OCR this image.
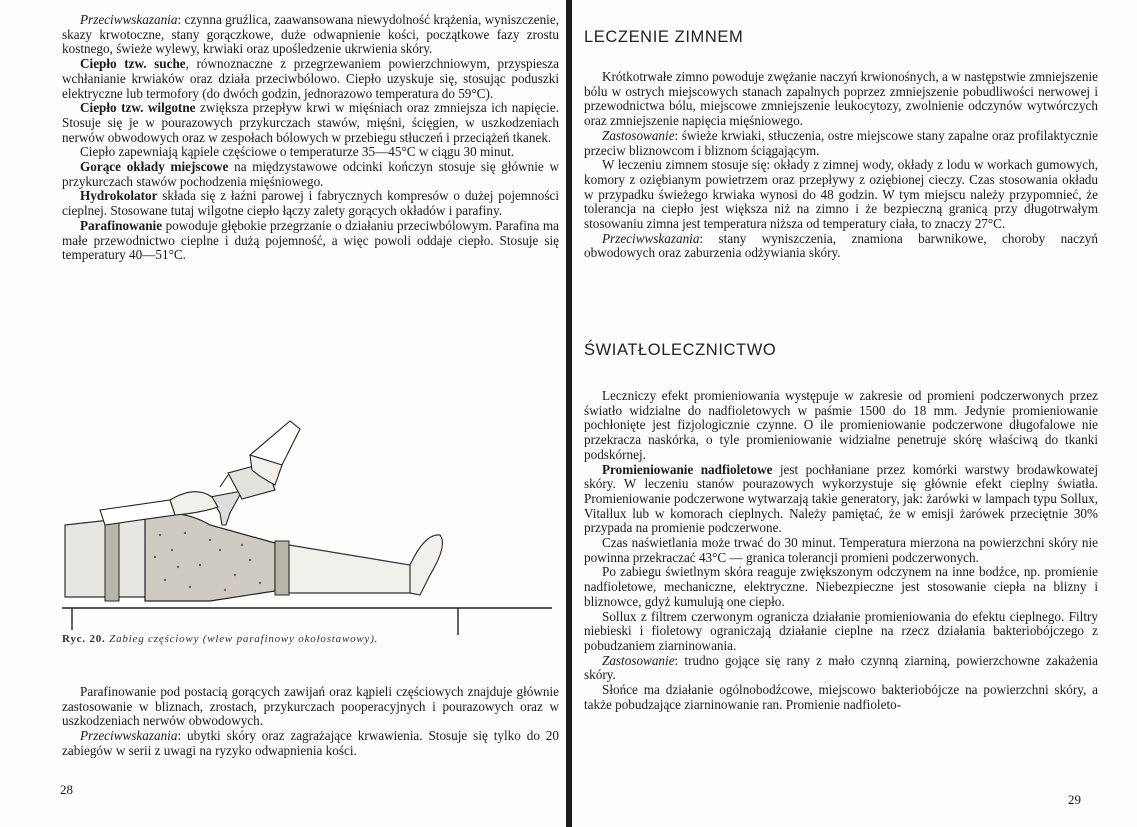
Przeciwwskazania: czynna gruźlica, zaawansowana niewydolność krążenia, wyniszczenie, skazy krwotoczne, stany gorączkowe, duże odwapnienie kości, początkowe fazy zrostu kostnego, świeże wylewy, krwiaki oraz upośledzenie ukrwienia skóry.

Ciepło tzw. suche, równoznaczne z przegrzewaniem powierzchniowym, przyspiesza wchłanianie krwiaków oraz działa przeciwbólowo. Ciepło uzyskuje się, stosując poduszki elektryczne lub termofory (do dwóch godzin, jednorazowo temperatura do 59°C).

Ciepło tzw. wilgotne zwiększa przepływ krwi w mięśniach oraz zmniejsza ich napięcie. Stosuje się je w pourazowych przykurczach stawów, mięśni, ścięgien, w uszkodzeniach nerwów obwodowych oraz w zespołach bólowych w przebiegu stłuczeń i przeciążeń tkanek.

Ciepło zapewniają kąpiele częściowe o temperaturze 35—45°C w ciągu 30 minut.

Gorące okłady miejscowe na międzystawowe odcinki kończyn stosuje się głównie w przykurczach stawów pochodzenia mięśniowego.

Hydrokolator składa się z łaźni parowej i fabrycznych kompresów o dużej pojemności cieplnej. Stosowane tutaj wilgotne ciepło łączy zalety gorących okładów i parafiny.

Parafinowanie powoduje głębokie przegrzanie o działaniu przeciwbólowym. Parafina ma małe przewodnictwo cieplne i dużą pojemność, a więc powoli oddaje ciepło. Stosuje się temperatury 40—51°C.

Ryc. 20. Zabieg częściowy (wlew parafinowy okołostawowy).

Parafinowanie pod postacią gorących zawijań oraz kąpieli częściowych znajduje głównie zastosowanie w bliznach, zrostach, przykurczach pooperacyjnych i pourazowych oraz w uszkodzeniach nerwów obwodowych.

Przeciwwskazania: ubytki skóry oraz zagrażające krwawienia. Stosuje się tylko do 20 zabiegów w serii z uwagi na ryzyko odwapnienia kości.

28
LECZENIE ZIMNEM

Krótkotrwałe zimno powoduje zwężanie naczyń krwionośnych, a w następstwie zmniejszenie bólu w ostrych miejscowych stanach zapalnych poprzez zmniejszenie pobudliwości nerwowej i przewodnictwa bólu, miejscowe zmniejszenie leukocytozy, zwolnienie odczynów wytwórczych oraz zmniejszenie napięcia mięśniowego.

Zastosowanie: świeże krwiaki, stłuczenia, ostre miejscowe stany zapalne oraz profilaktycznie przeciw bliznowcom i bliznom ściągającym.

W leczeniu zimnem stosuje się: okłady z zimnej wody, okłady z lodu w workach gumowych, komory z oziębianym powietrzem oraz przepływy z oziębionej cieczy. Czas stosowania okładu w przypadku świeżego krwiaka wynosi do 48 godzin. W tym miejscu należy przypomnieć, że tolerancja na ciepło jest większa niż na zimno i że bezpieczną granicą przy długotrwałym stosowaniu zimna jest temperatura niższa od temperatury ciała, to znaczy 27°C.

Przeciwwskazania: stany wyniszczenia, znamiona barwnikowe, choroby naczyń obwodowych oraz zaburzenia odżywiania skóry.

ŚWIATŁOLECZNICTWO

Leczniczy efekt promieniowania występuje w zakresie od promieni podczerwonych przez światło widzialne do nadfioletowych w paśmie 1500 do 18 mm. Jedynie promieniowanie pochłonięte jest fizjologicznie czynne. O ile promieniowanie podczerwone długofalowe nie przekracza naskórka, o tyle promieniowanie widzialne penetruje skórę właściwą do tkanki podskórnej.

Promieniowanie nadfioletowe jest pochłaniane przez komórki warstwy brodawkowatej skóry. W leczeniu stanów pourazowych wykorzystuje się głównie efekt cieplny światła. Promieniowanie podczerwone wytwarzają takie generatory, jak: żarówki w lampach typu Sollux, Vitallux lub w komorach cieplnych. Należy pamiętać, że w emisji żarówek przeciętnie 30% przypada na promienie podczerwone.

Czas naświetlania może trwać do 30 minut. Temperatura mierzona na powierzchni skóry nie powinna przekraczać 43°C — granica tolerancji promieni podczerwonych.

Po zabiegu świetlnym skóra reaguje zwiększonym odczynem na inne bodźce, np. promienie nadfioletowe, mechaniczne, elektryczne. Niebezpieczne jest stosowanie ciepła na blizny i bliznowce, gdyż kumulują one ciepło.

Sollux z filtrem czerwonym ogranicza działanie promieniowania do efektu cieplnego. Filtry niebieski i fioletowy ograniczają działanie cieplne na rzecz działania bakteriobójczego z pobudzaniem ziarninowania.

Zastosowanie: trudno gojące się rany z mało czynną ziarniną, powierzchowne zakażenia skóry.

Słońce ma działanie ogólnobodźcowe, miejscowo bakteriobójcze na powierzchni skóry, a także pobudzające ziarninowanie ran. Promienie nadfioleto-

29
